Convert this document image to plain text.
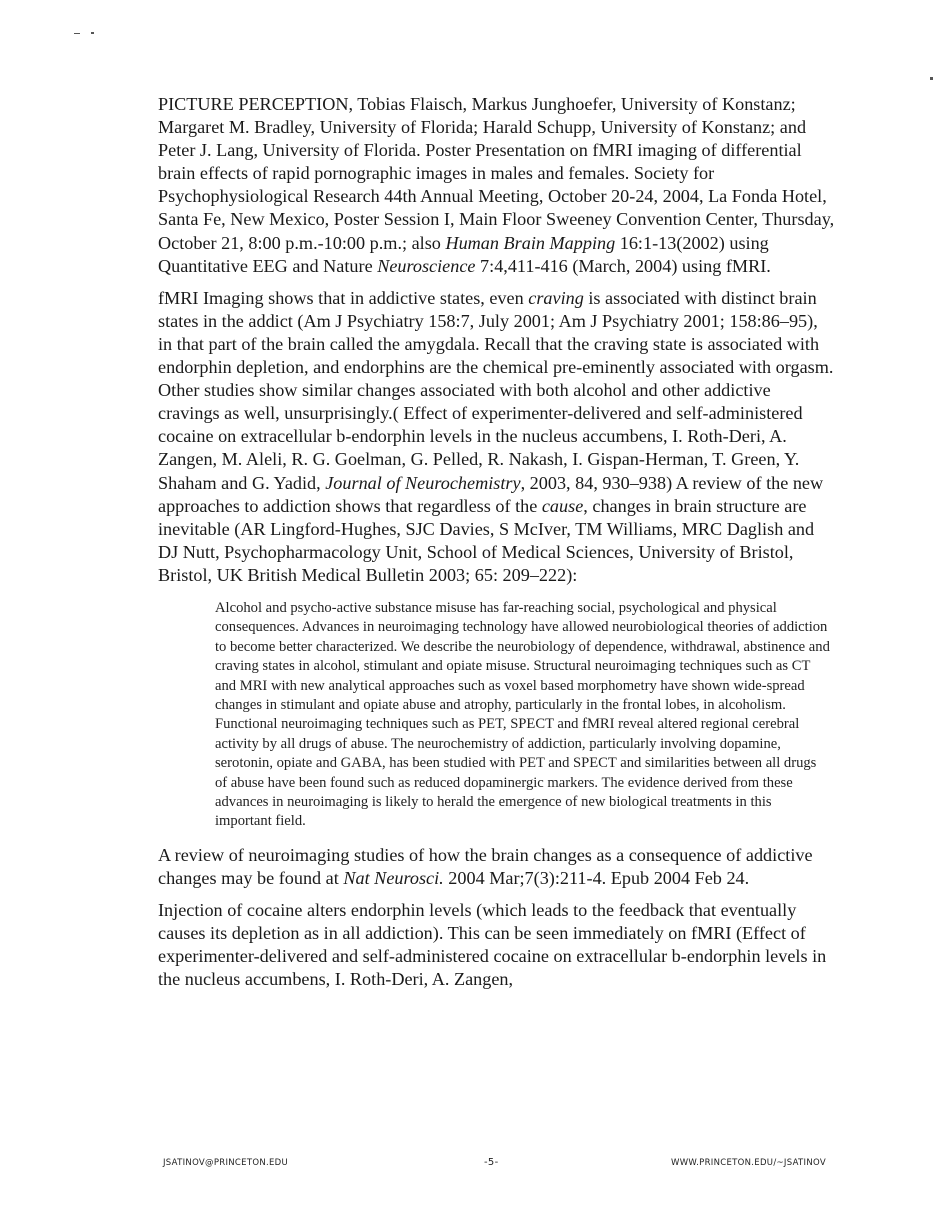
PICTURE PERCEPTION, Tobias Flaisch, Markus Junghoefer, University of Konstanz; Margaret M. Bradley, University of Florida; Harald Schupp, University of Konstanz; and Peter J. Lang, University of Florida. Poster Presentation on fMRI imaging of differential brain effects of rapid pornographic images in males and females. Society for Psychophysiological Research 44th Annual Meeting, October 20-24, 2004, La Fonda Hotel, Santa Fe, New Mexico, Poster Session I, Main Floor Sweeney Convention Center, Thursday, October 21, 8:00 p.m.-10:00 p.m.; also Human Brain Mapping 16:1-13(2002) using Quantitative EEG and Nature Neuroscience 7:4,411-416 (March, 2004) using fMRI.

fMRI Imaging shows that in addictive states, even craving is associated with distinct brain states in the addict (Am J Psychiatry 158:7, July 2001; Am J Psychiatry 2001; 158:86–95), in that part of the brain called the amygdala. Recall that the craving state is associated with endorphin depletion, and endorphins are the chemical pre-eminently associated with orgasm. Other studies show similar changes associated with both alcohol and other addictive cravings as well, unsurprisingly.( Effect of experimenter-delivered and self-administered cocaine on extracellular b-endorphin levels in the nucleus accumbens, I. Roth-Deri, A. Zangen, M. Aleli, R. G. Goelman, G. Pelled, R. Nakash, I. Gispan-Herman, T. Green, Y. Shaham and G. Yadid, Journal of Neurochemistry, 2003, 84, 930–938) A review of the new approaches to addiction shows that regardless of the cause, changes in brain structure are inevitable (AR Lingford-Hughes, SJC Davies, S McIver, TM Williams, MRC Daglish and DJ Nutt, Psychopharmacology Unit, School of Medical Sciences, University of Bristol, Bristol, UK British Medical Bulletin 2003; 65: 209–222):

Alcohol and psycho-active substance misuse has far-reaching social, psychological and physical consequences. Advances in neuroimaging technology have allowed neurobiological theories of addiction to become better characterized. We describe the neurobiology of dependence, withdrawal, abstinence and craving states in alcohol, stimulant and opiate misuse. Structural neuroimaging techniques such as CT and MRI with new analytical approaches such as voxel based morphometry have shown wide-spread changes in stimulant and opiate abuse and atrophy, particularly in the frontal lobes, in alcoholism. Functional neuroimaging techniques such as PET, SPECT and fMRI reveal altered regional cerebral activity by all drugs of abuse. The neurochemistry of addiction, particularly involving dopamine, serotonin, opiate and GABA, has been studied with PET and SPECT and similarities between all drugs of abuse have been found such as reduced dopaminergic markers. The evidence derived from these advances in neuroimaging is likely to herald the emergence of new biological treatments in this important field.

A review of neuroimaging studies of how the brain changes as a consequence of addictive changes may be found at Nat Neurosci. 2004 Mar;7(3):211-4. Epub 2004 Feb 24.

Injection of cocaine alters endorphin levels (which leads to the feedback that eventually causes its depletion as in all addiction). This can be seen immediately on fMRI (Effect of experimenter-delivered and self-administered cocaine on extracellular b-endorphin levels in the nucleus accumbens, I. Roth-Deri, A. Zangen,

JSATINOV@PRINCETON.EDU	-5-	WWW.PRINCETON.EDU/~JSATINOV
